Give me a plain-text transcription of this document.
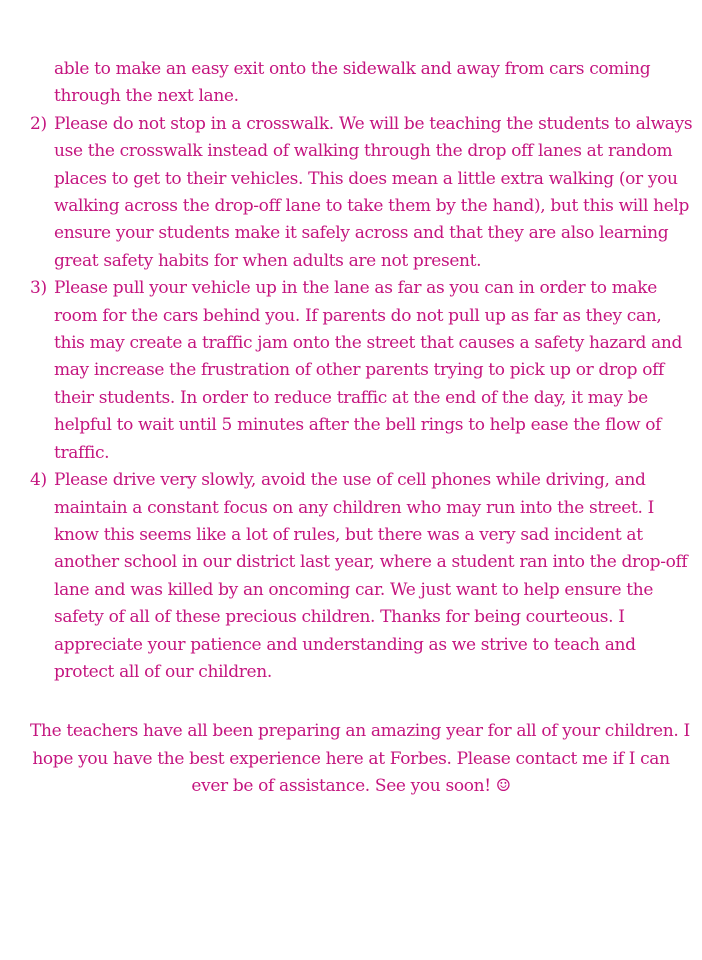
able to make an easy exit onto the sidewalk and away from cars coming
through the next lane.
2) Please do not stop in a crosswalk. We will be teaching the students to always
use the crosswalk instead of walking through the drop off lanes at random
places to get to their vehicles. This does mean a little extra walking (or you
walking across the drop-off lane to take them by the hand), but this will help
ensure your students make it safely across and that they are also learning
great safety habits for when adults are not present.
3) Please pull your vehicle up in the lane as far as you can in order to make
room for the cars behind you. If parents do not pull up as far as they can,
this may create a traffic jam onto the street that causes a safety hazard and
may increase the frustration of other parents trying to pick up or drop off
their students. In order to reduce traffic at the end of the day, it may be
helpful to wait until 5 minutes after the bell rings to help ease the flow of
traffic.
4) Please drive very slowly, avoid the use of cell phones while driving, and
maintain a constant focus on any children who may run into the street. I
know this seems like a lot of rules, but there was a very sad incident at
another school in our district last year, where a student ran into the drop-off
lane and was killed by an oncoming car. We just want to help ensure the
safety of all of these precious children. Thanks for being courteous. I
appreciate your patience and understanding as we strive to teach and
protect all of our children.
The teachers have all been preparing an amazing year for all of your children. I
hope you have the best experience here at Forbes. Please contact me if I can
ever be of assistance. See you soon! ☺
